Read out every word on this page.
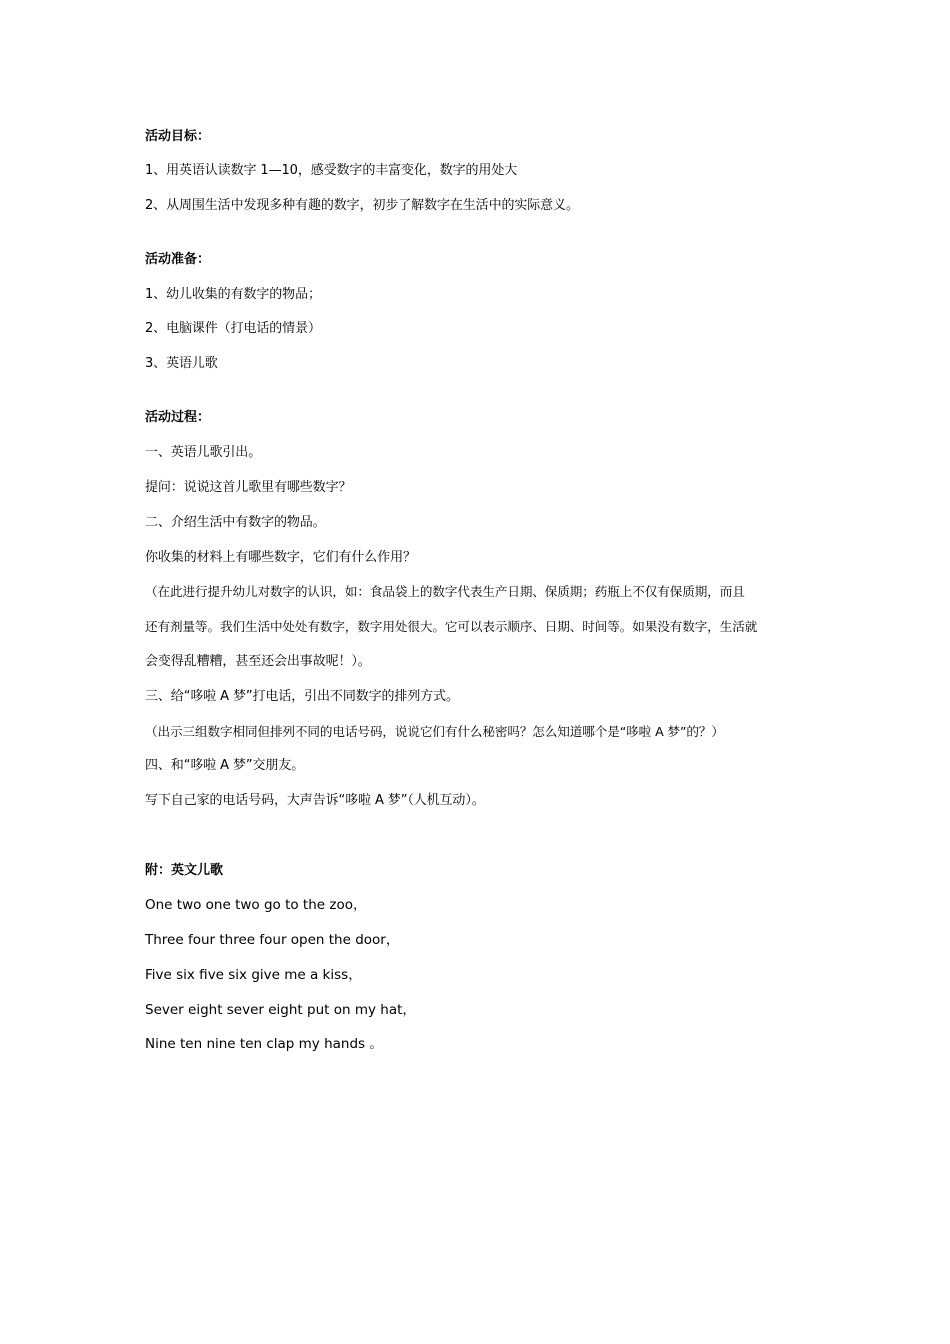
活动目标：
1、用英语认读数字 1—10，感受数字的丰富变化，数字的用处大
2、从周围生活中发现多种有趣的数字，初步了解数字在生活中的实际意义。
活动准备：
1、幼儿收集的有数字的物品；
2、电脑课件（打电话的情景）
3、英语儿歌
活动过程：
一、英语儿歌引出。
提问：说说这首儿歌里有哪些数字？
二、介绍生活中有数字的物品。
你收集的材料上有哪些数字，它们有什么作用？
（在此进行提升幼儿对数字的认识，如：食品袋上的数字代表生产日期、保质期；药瓶上不仅有保质期，而且
还有剂量等。我们生活中处处有数字，数字用处很大。它可以表示顺序、日期、时间等。如果没有数字，生活就
会变得乱糟糟，甚至还会出事故呢！）。
三、给“哆啦 A 梦”打电话，引出不同数字的排列方式。
（出示三组数字相同但排列不同的电话号码，说说它们有什么秘密吗？怎么知道哪个是“哆啦 A 梦”的？）
四、和“哆啦 A 梦”交朋友。
写下自己家的电话号码，大声告诉“哆啦 A 梦”（人机互动）。
附：英文儿歌
One two one two go to the zoo，
Three four three four open the door，
Five six five six give me a kiss，
Sever eight sever eight put on my hat，
Nine ten nine ten clap my hands 。
